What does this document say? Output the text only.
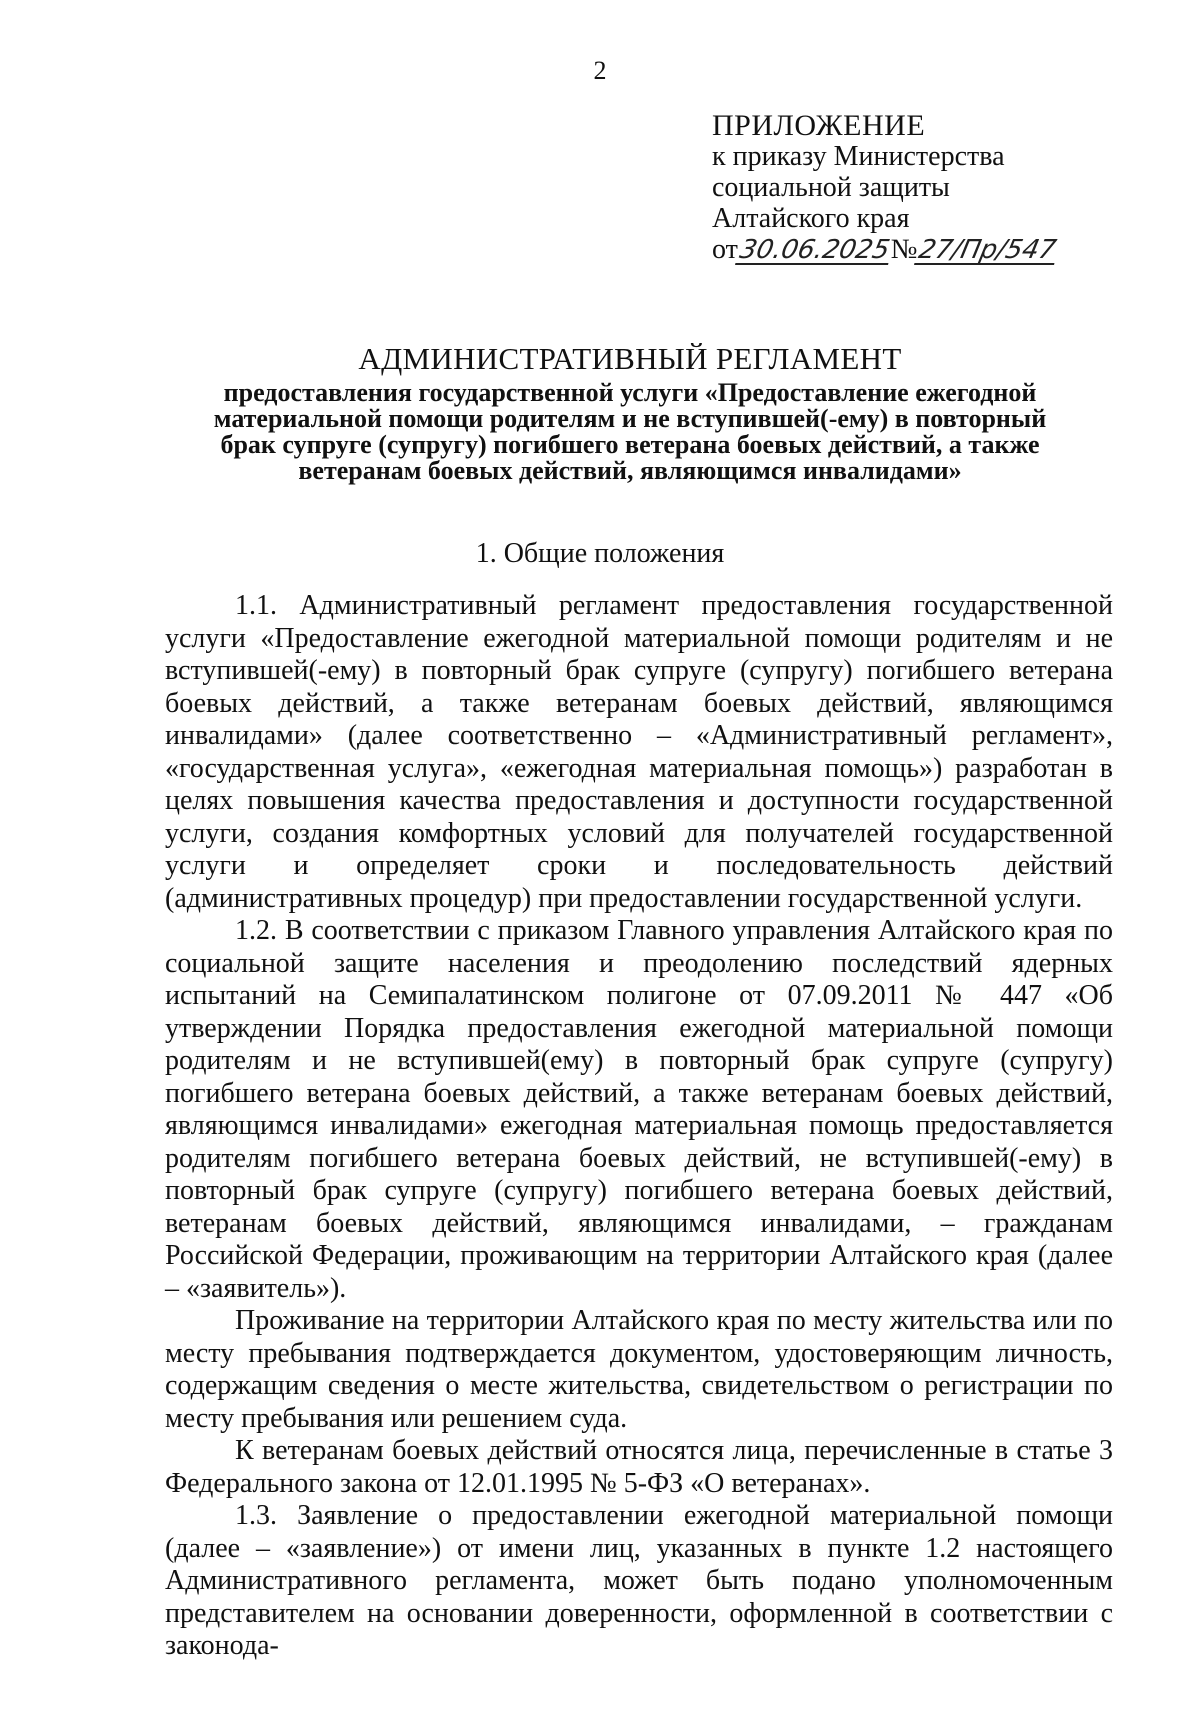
2
ПРИЛОЖЕНИЕ
к приказу Министерства
социальной защиты
Алтайского края
от 30.06.2025
№ 27/Пр/547
АДМИНИСТРАТИВНЫЙ РЕГЛАМЕНТ
предоставления государственной услуги «Предоставление ежегодной материальной помощи родителям и не вступившей(-ему) в повторный брак супруге (супругу) погибшего ветерана боевых действий, а также ветеранам боевых действий, являющимся инвалидами»
1. Общие положения

1.1. Административный регламент предоставления государственной услуги «Предоставление ежегодной материальной помощи родителям и не вступившей(-ему) в повторный брак супруге (супругу) погибшего ветерана боевых действий, а также ветеранам боевых действий, являющимся инвалидами» (далее соответственно – «Административный регламент», «государственная услуга», «ежегодная материальная помощь») разработан в целях повышения качества предоставления и доступности государственной услуги, создания комфортных условий для получателей государственной услуги и определяет сроки и последовательность действий (административных процедур) при предоставлении государственной услуги.

1.2. В соответствии с приказом Главного управления Алтайского края по социальной защите населения и преодолению последствий ядерных испытаний на Семипалатинском полигоне от 07.09.2011 № 447 «Об утверждении Порядка предоставления ежегодной материальной помощи родителям и не вступившей(ему) в повторный брак супруге (супругу) погибшего ветерана боевых действий, а также ветеранам боевых действий, являющимся инвалидами» ежегодная материальная помощь предоставляется родителям погибшего ветерана боевых действий, не вступившей(-ему) в повторный брак супруге (супругу) погибшего ветерана боевых действий, ветеранам боевых действий, являющимся инвалидами, – гражданам Российской Федерации, проживающим на территории Алтайского края (далее – «заявитель»).

Проживание на территории Алтайского края по месту жительства или по месту пребывания подтверждается документом, удостоверяющим личность, содержащим сведения о месте жительства, свидетельством о регистрации по месту пребывания или решением суда.

К ветеранам боевых действий относятся лица, перечисленные в статье 3 Федерального закона от 12.01.1995 № 5-ФЗ «О ветеранах».

1.3. Заявление о предоставлении ежегодной материальной помощи (далее – «заявление») от имени лиц, указанных в пункте 1.2 настоящего Административного регламента, может быть подано уполномоченным представителем на основании доверенности, оформленной в соответствии с законода-
